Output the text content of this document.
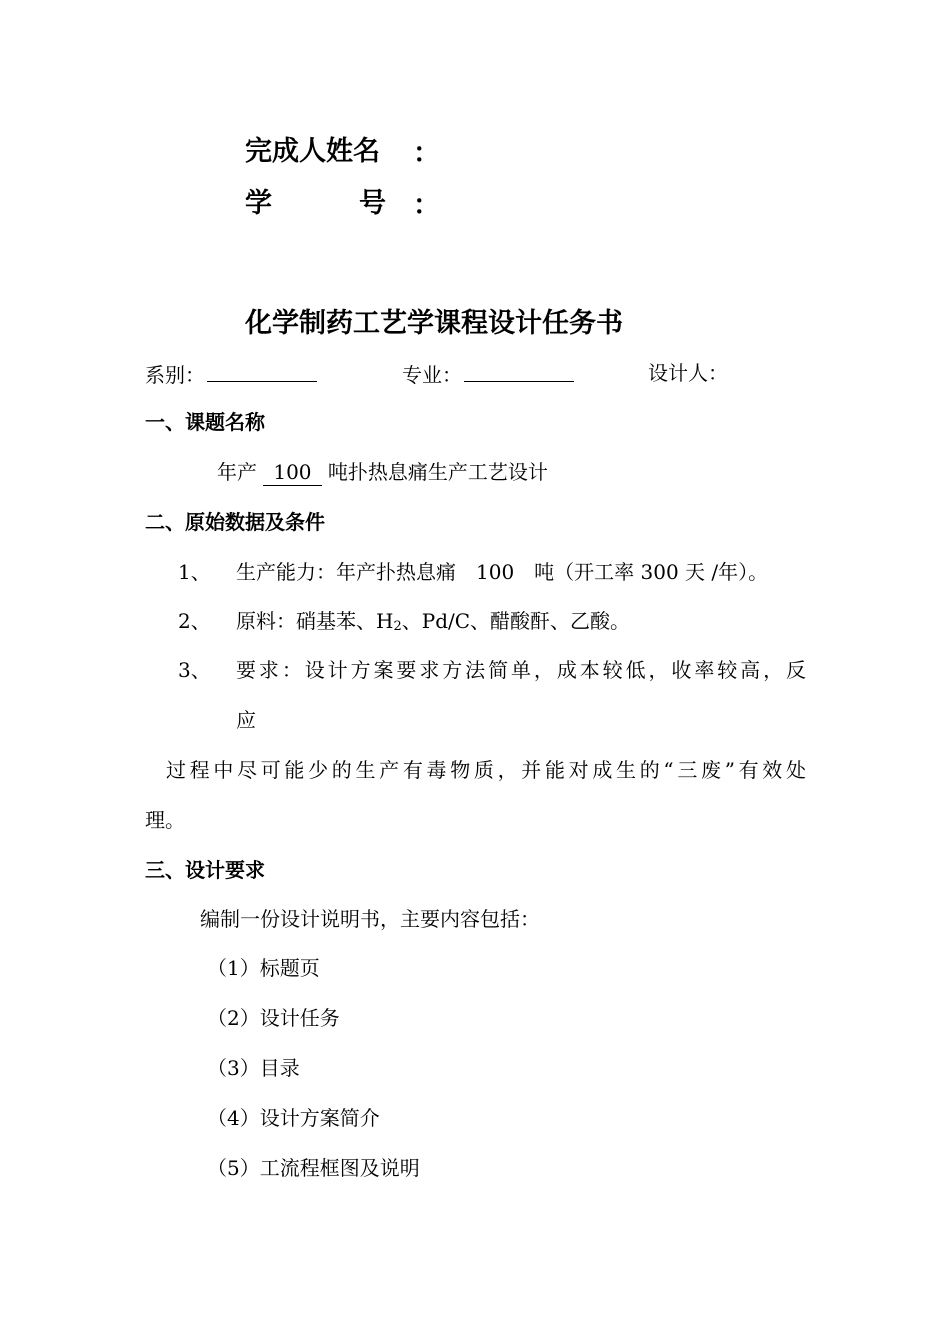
完成人姓名 ：
学	号 ：
化学制药工艺学课程设计任务书
系别：	专业：	设计人：
一、课题名称
年产 100 吨扑热息痛生产工艺设计
二、原始数据及条件
1、 生产能力：年产扑热息痛　100　吨（开工率 300 天 /年）。
2、 原料：硝基苯、$H_2$、Pd/C、醋酸酐、乙酸。
3、 要求：设计方案要求方法简单，成本较低，收率较高，反
应
过程中尽可能少的生产有毒物质，并能对成生的“三废”有效处
理。
三、设计要求
编制一份设计说明书，主要内容包括：
（1）标题页
（2）设计任务
（3）目录
（4）设计方案简介
（5）工流程框图及说明
